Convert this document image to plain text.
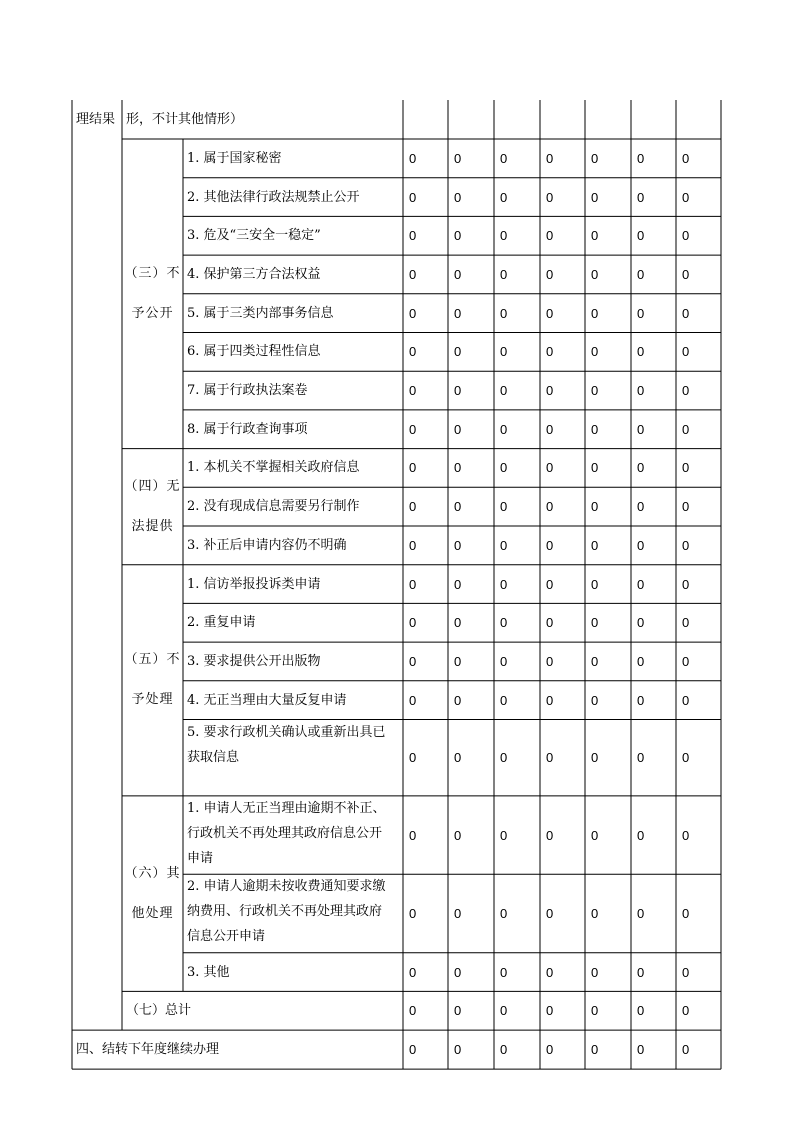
理结果 形，不计其他情形）
（三）不
予公开
1. 属于国家秘密	0	0	0	0	0	0	0
2. 其他法律行政法规禁止公开	0	0	0	0	0	0	0
3. 危及“三安全一稳定”	0	0	0	0	0	0	0
4. 保护第三方合法权益	0	0	0	0	0	0	0
5. 属于三类内部事务信息	0	0	0	0	0	0	0
6. 属于四类过程性信息	0	0	0	0	0	0	0
7. 属于行政执法案卷	0	0	0	0	0	0	0
8. 属于行政查询事项	0	0	0	0	0	0	0
（四）无
法提供
1. 本机关不掌握相关政府信息	0	0	0	0	0	0	0
2. 没有现成信息需要另行制作	0	0	0	0	0	0	0
3. 补正后申请内容仍不明确	0	0	0	0	0	0	0
（五）不
予处理
1. 信访举报投诉类申请	0	0	0	0	0	0	0
2. 重复申请	0	0	0	0	0	0	0
3. 要求提供公开出版物	0	0	0	0	0	0	0
4. 无正当理由大量反复申请	0	0	0	0	0	0	0
5. 要求行政机关确认或重新出具已
获取信息	0	0	0	0	0	0	0
（六）其
他处理
1. 申请人无正当理由逾期不补正、
行政机关不再处理其政府信息公开
申请
0	0	0	0	0	0	0
2. 申请人逾期未按收费通知要求缴
纳费用、行政机关不再处理其政府
信息公开申请
0	0	0	0	0	0	0
3. 其他	0	0	0	0	0	0	0
（七）总计	0	0	0	0	0	0	0
四、结转下年度继续办理	0	0	0	0	0	0	0
